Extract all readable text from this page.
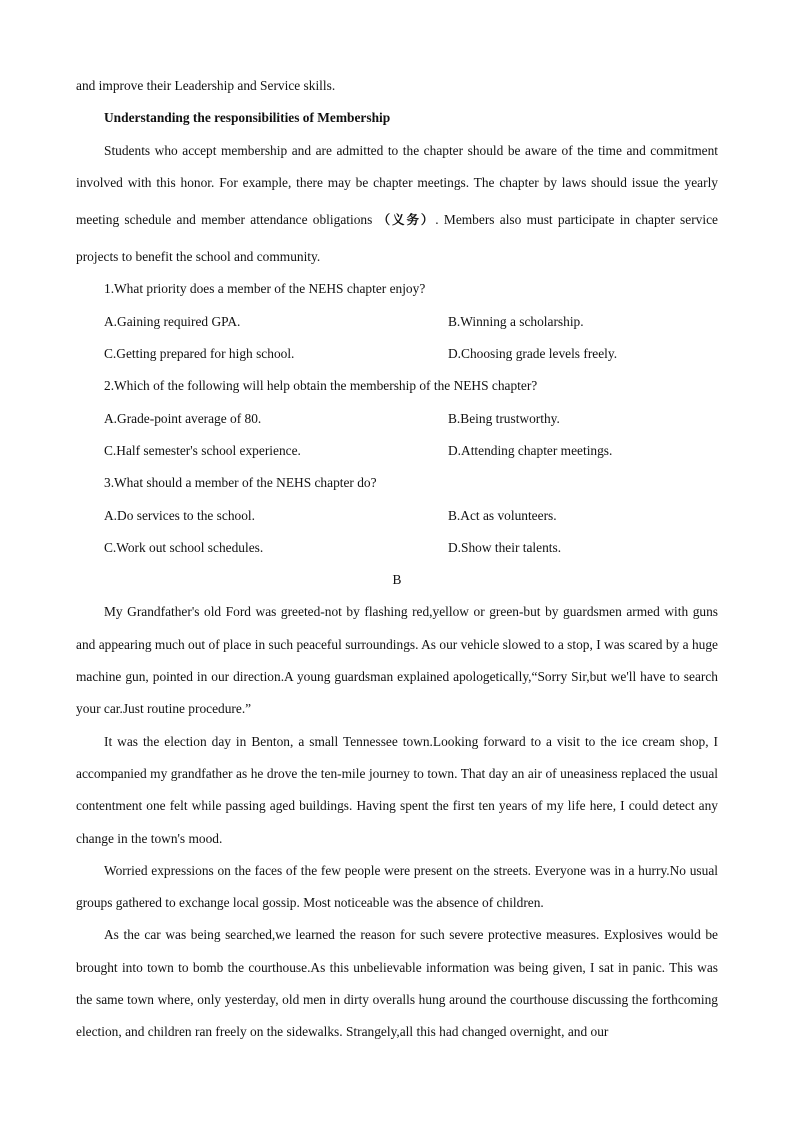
and improve their Leadership and Service skills.

Understanding the responsibilities of Membership

Students who accept membership and are admitted to the chapter should be aware of the time and commitment involved with this honor. For example, there may be chapter meetings. The chapter by laws should issue the yearly meeting schedule and member attendance obligations （义务）. Members also must participate in chapter service projects to benefit the school and community.

1.What priority does a member of the NEHS chapter enjoy?

A.Gaining required GPA.	B.Winning a scholarship.
C.Getting prepared for high school.	D.Choosing grade levels freely.

2.Which of the following will help obtain the membership of the NEHS chapter?

A.Grade-point average of 80.	B.Being trustworthy.
C.Half semester's school experience.	D.Attending chapter meetings.

3.What should a member of the NEHS chapter do?

A.Do services to the school.	B.Act as volunteers.
C.Work out school schedules.	D.Show their talents.

B

My Grandfather's old Ford was greeted-not by flashing red,yellow or green-but by guardsmen armed with guns and appearing much out of place in such peaceful surroundings. As our vehicle slowed to a stop, I was scared by a huge machine gun, pointed in our direction.A young guardsman explained apologetically,“Sorry Sir,but we'll have to search your car.Just routine procedure.”

It was the election day in Benton, a small Tennessee town.Looking forward to a visit to the ice cream shop, I accompanied my grandfather as he drove the ten-mile journey to town. That day an air of uneasiness replaced the usual contentment one felt while passing aged buildings. Having spent the first ten years of my life here, I could detect any change in the town's mood.

Worried expressions on the faces of the few people were present on the streets. Everyone was in a hurry.No usual groups gathered to exchange local gossip. Most noticeable was the absence of children.

As the car was being searched,we learned the reason for such severe protective measures. Explosives would be brought into town to bomb the courthouse.As this unbelievable information was being given, I sat in panic. This was the same town where, only yesterday, old men in dirty overalls hung around the courthouse discussing the forthcoming election, and children ran freely on the sidewalks. Strangely,all this had changed overnight, and our
